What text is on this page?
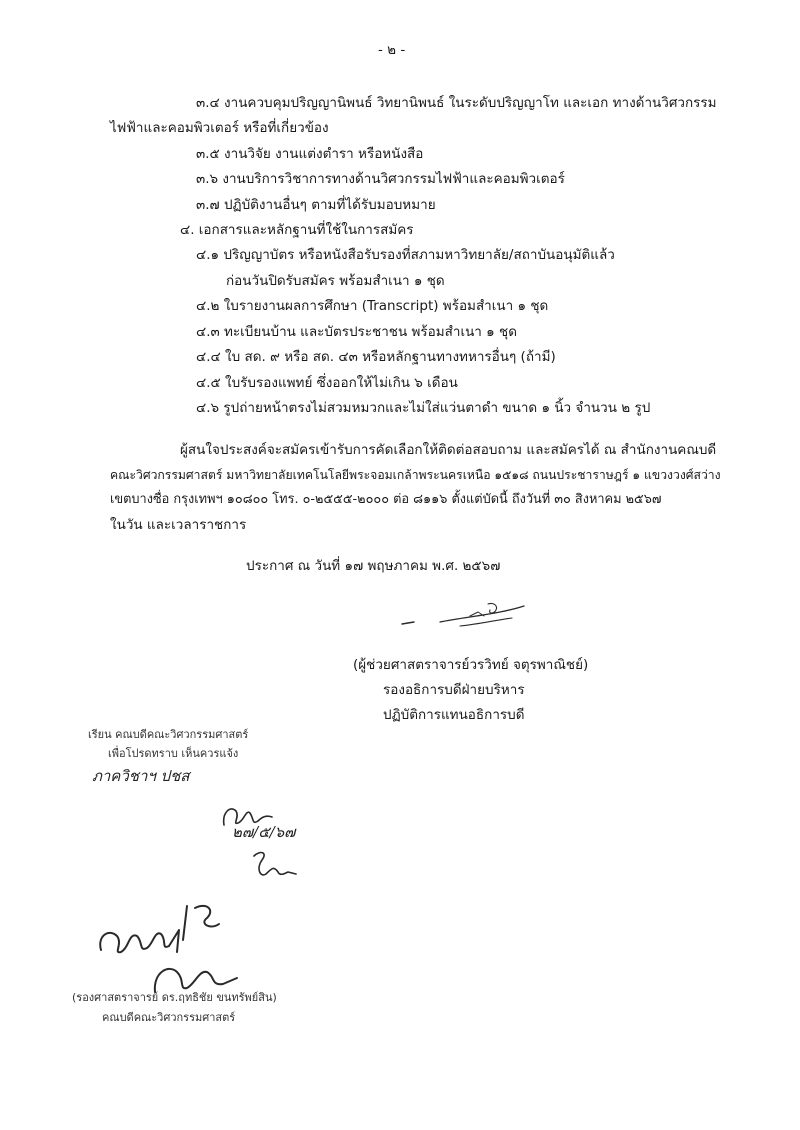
- ๒ -
๓.๔ งานควบคุมปริญญานิพนธ์ วิทยานิพนธ์ ในระดับปริญญาโท และเอก ทางด้านวิศวกรรม
ไฟฟ้าและคอมพิวเตอร์ หรือที่เกี่ยวข้อง
๓.๕ งานวิจัย งานแต่งตำรา หรือหนังสือ
๓.๖ งานบริการวิชาการทางด้านวิศวกรรมไฟฟ้าและคอมพิวเตอร์
๓.๗ ปฏิบัติงานอื่นๆ ตามที่ได้รับมอบหมาย
๔. เอกสารและหลักฐานที่ใช้ในการสมัคร
๔.๑ ปริญญาบัตร หรือหนังสือรับรองที่สภามหาวิทยาลัย/สถาบันอนุมัติแล้ว
ก่อนวันปิดรับสมัคร พร้อมสำเนา ๑ ชุด
๔.๒ ใบรายงานผลการศึกษา (Transcript) พร้อมสำเนา ๑ ชุด
๔.๓ ทะเบียนบ้าน และบัตรประชาชน พร้อมสำเนา ๑ ชุด
๔.๔ ใบ สด. ๙ หรือ สด. ๔๓ หรือหลักฐานทางทหารอื่นๆ (ถ้ามี)
๔.๕ ใบรับรองแพทย์ ซึ่งออกให้ไม่เกิน ๖ เดือน
๔.๖ รูปถ่ายหน้าตรงไม่สวมหมวกและไม่ใส่แว่นตาดำ ขนาด ๑ นิ้ว จำนวน ๒ รูป
ผู้สนใจประสงค์จะสมัครเข้ารับการคัดเลือกให้ติดต่อสอบถาม และสมัครได้ ณ สำนักงานคณบดี
คณะวิศวกรรมศาสตร์ มหาวิทยาลัยเทคโนโลยีพระจอมเกล้าพระนครเหนือ ๑๕๑๘ ถนนประชาราษฎร์ ๑ แขวงวงศ์สว่าง
เขตบางซื่อ กรุงเทพฯ ๑๐๘๐๐ โทร. ๐-๒๕๕๕-๒๐๐๐ ต่อ ๘๑๑๖ ตั้งแต่บัดนี้ ถึงวันที่ ๓๐ สิงหาคม ๒๕๖๗
ในวัน และเวลาราชการ
ประกาศ ณ วันที่ ๑๗ พฤษภาคม พ.ศ. ๒๕๖๗
(ผู้ช่วยศาสตราจารย์วรวิทย์ จตุรพาณิชย์)
รองอธิการบดีฝ่ายบริหาร
ปฏิบัติการแทนอธิการบดี
เรียน คณบดีคณะวิศวกรรมศาสตร์
เพื่อโปรดทราบ เห็นควรแจ้ง
ภาควิชาฯ ปชส
๒๗/๕/๖๗
(รองศาสตราจารย์ ดร.ฤทธิชัย ขนทรัพย์สิน)
คณบดีคณะวิศวกรรมศาสตร์
